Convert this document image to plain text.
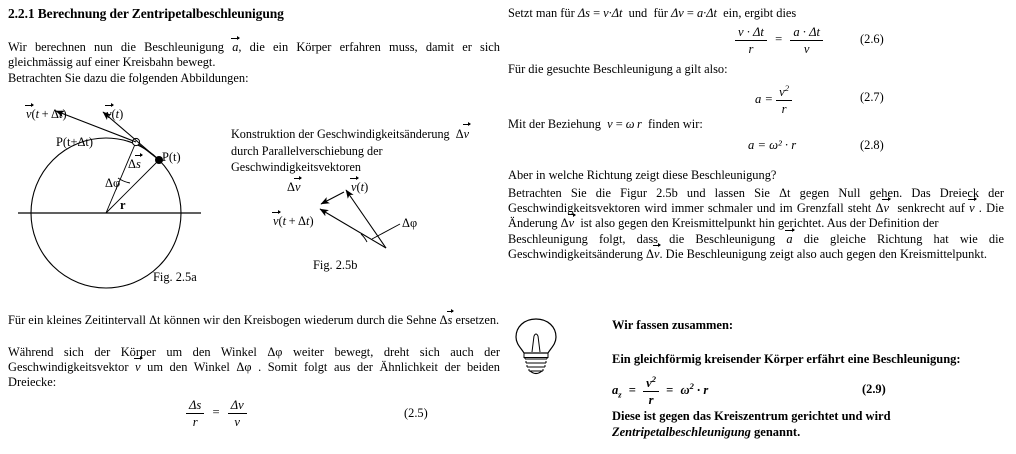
2.2.1 Berechnung der Zentripetalbeschleunigung
Wir berechnen nun die Beschleunigung a, die ein Körper erfahren muss, damit er sich gleichmässig auf einer Kreisbahn bewegt.
Betrachten Sie dazu die folgenden Abbildungen:
P(t)
P(t+Δt)
Δs
Δφ
r
v(t)
v(t + Δt)
Fig. 2.5a
Konstruktion der Geschwindigkeitsänderung  Δv
durch Parallelverschiebung der
Geschwindigkeitsvektoren
Δv	v(t)
v(t + Δt)	Δφ
Fig. 2.5b
Für ein kleines Zeitintervall Δt können wir den Kreisbogen wiederum durch die Sehne Δs ersetzen.
Während sich der Körper um den Winkel Δφ weiter bewegt, dreht sich auch der Geschwindigkeitsvektor v um den Winkel Δφ . Somit folgt aus der Ähnlichkeit der beiden Dreiecke:
$\frac{\Delta s}{r} = \frac{\Delta v}{v}$	(2.5)
Setzt man für Δs = v·Δt  und  für Δv = a·Δt  ein, ergibt dies
$\frac{v \cdot \Delta t}{r} = \frac{a \cdot \Delta t}{v}$	(2.6)
Für die gesuchte Beschleunigung a gilt also:
$a = \frac{v^2}{r}$	(2.7)
Mit der Beziehung  v = ω r  finden wir:
a = ω² · r	(2.8)
Aber in welche Richtung zeigt diese Beschleunigung?
Betrachten Sie die Figur 2.5b und lassen Sie Δt gegen Null gehen. Das Dreieck der Geschwindigkeitsvektoren wird immer schmaler und im Grenzfall steht Δv  senkrecht auf v . Die Änderung Δv  ist also gegen den Kreismittelpunkt hin gerichtet. Aus der Definition der
Beschleunigung folgt, dass die Beschleunigung a die gleiche Richtung hat wie die Geschwindigkeitsänderung Δv. Die Beschleunigung zeigt also auch gegen den Kreismittelpunkt.
Wir fassen zusammen:
Ein gleichförmig kreisender Körper erfährt eine Beschleunigung:
$a_z = \frac{v^2}{r} = \omega^2 \cdot r$	(2.9)
Diese ist gegen das Kreiszentrum gerichtet und wird
Zentripetalbeschleunigung genannt.
